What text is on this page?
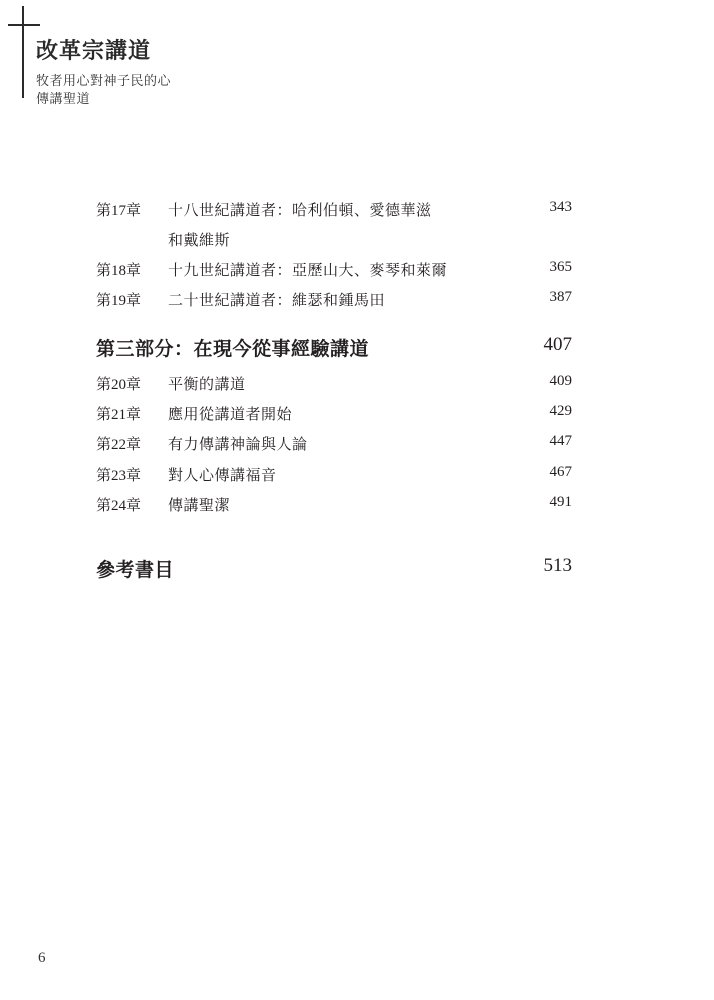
改革宗講道
牧者用心對神子民的心
傳講聖道
第17章 十八世紀講道者：哈利伯頓、愛德華滋	343
和戴維斯
第18章 十九世紀講道者：亞歷山大、麥琴和萊爾	365
第19章 二十世紀講道者：維瑟和鍾馬田	387
第三部分：在現今從事經驗講道	407
第20章 平衡的講道	409
第21章 應用從講道者開始	429
第22章 有力傳講神論與人論	447
第23章 對人心傳講福音	467
第24章 傳講聖潔	491
參考書目	513
6
